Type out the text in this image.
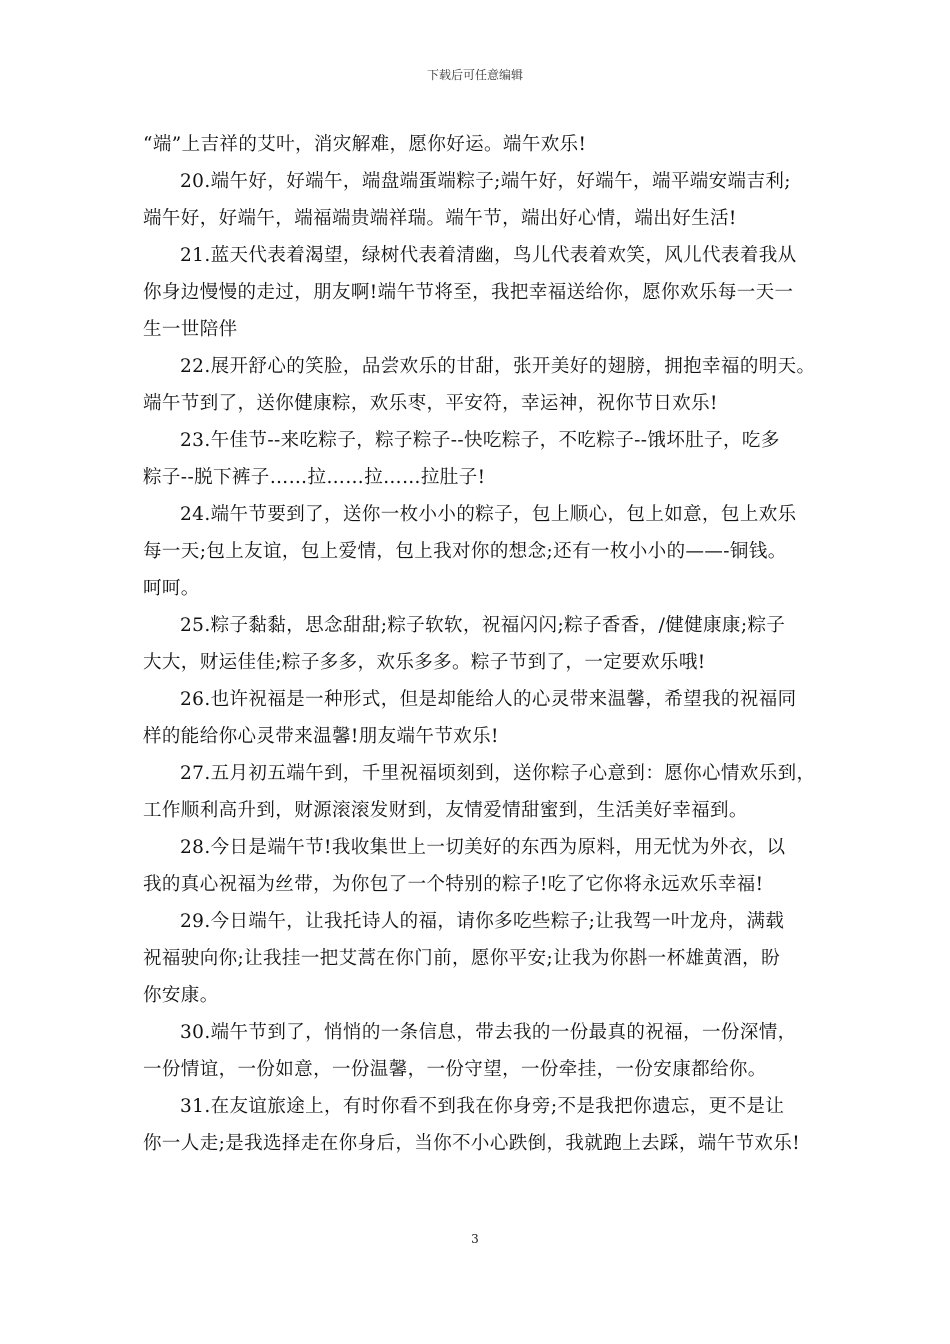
下载后可任意编辑
“端”上吉祥的艾叶，消灾解难，愿你好运。端午欢乐!
20.端午好，好端午，端盘端蛋端粽子;端午好，好端午，端平端安端吉利;
端午好，好端午，端福端贵端祥瑞。端午节，端出好心情，端出好生活!
21.蓝天代表着渴望，绿树代表着清幽，鸟儿代表着欢笑，风儿代表着我从
你身边慢慢的走过，朋友啊!端午节将至，我把幸福送给你，愿你欢乐每一天一
生一世陪伴
22.展开舒心的笑脸，品尝欢乐的甘甜，张开美好的翅膀，拥抱幸福的明天。
端午节到了，送你健康粽，欢乐枣，平安符，幸运神，祝你节日欢乐!
23.午佳节--来吃粽子，粽子粽子--快吃粽子，不吃粽子--饿坏肚子，吃多
粽子--脱下裤子……拉……拉……拉肚子!
24.端午节要到了，送你一枚小小的粽子，包上顺心，包上如意，包上欢乐
每一天;包上友谊，包上爱情，包上我对你的想念;还有一枚小小的——-铜钱。
呵呵。
25.粽子黏黏，思念甜甜;粽子软软，祝福闪闪;粽子香香，/健健康康;粽子
大大，财运佳佳;粽子多多，欢乐多多。粽子节到了，一定要欢乐哦!
26.也许祝福是一种形式，但是却能给人的心灵带来温馨，希望我的祝福同
样的能给你心灵带来温馨!朋友端午节欢乐!
27.五月初五端午到，千里祝福顷刻到，送你粽子心意到：愿你心情欢乐到，
工作顺利高升到，财源滚滚发财到，友情爱情甜蜜到，生活美好幸福到。
28.今日是端午节!我收集世上一切美好的东西为原料，用无忧为外衣，以
我的真心祝福为丝带，为你包了一个特别的粽子!吃了它你将永远欢乐幸福!
29.今日端午，让我托诗人的福，请你多吃些粽子;让我驾一叶龙舟，满载
祝福驶向你;让我挂一把艾蒿在你门前，愿你平安;让我为你斟一杯雄黄酒，盼
你安康。
30.端午节到了，悄悄的一条信息，带去我的一份最真的祝福，一份深情，
一份情谊，一份如意，一份温馨，一份守望，一份牵挂，一份安康都给你。
31.在友谊旅途上，有时你看不到我在你身旁;不是我把你遗忘，更不是让
你一人走;是我选择走在你身后，当你不小心跌倒，我就跑上去踩，端午节欢乐!
3
